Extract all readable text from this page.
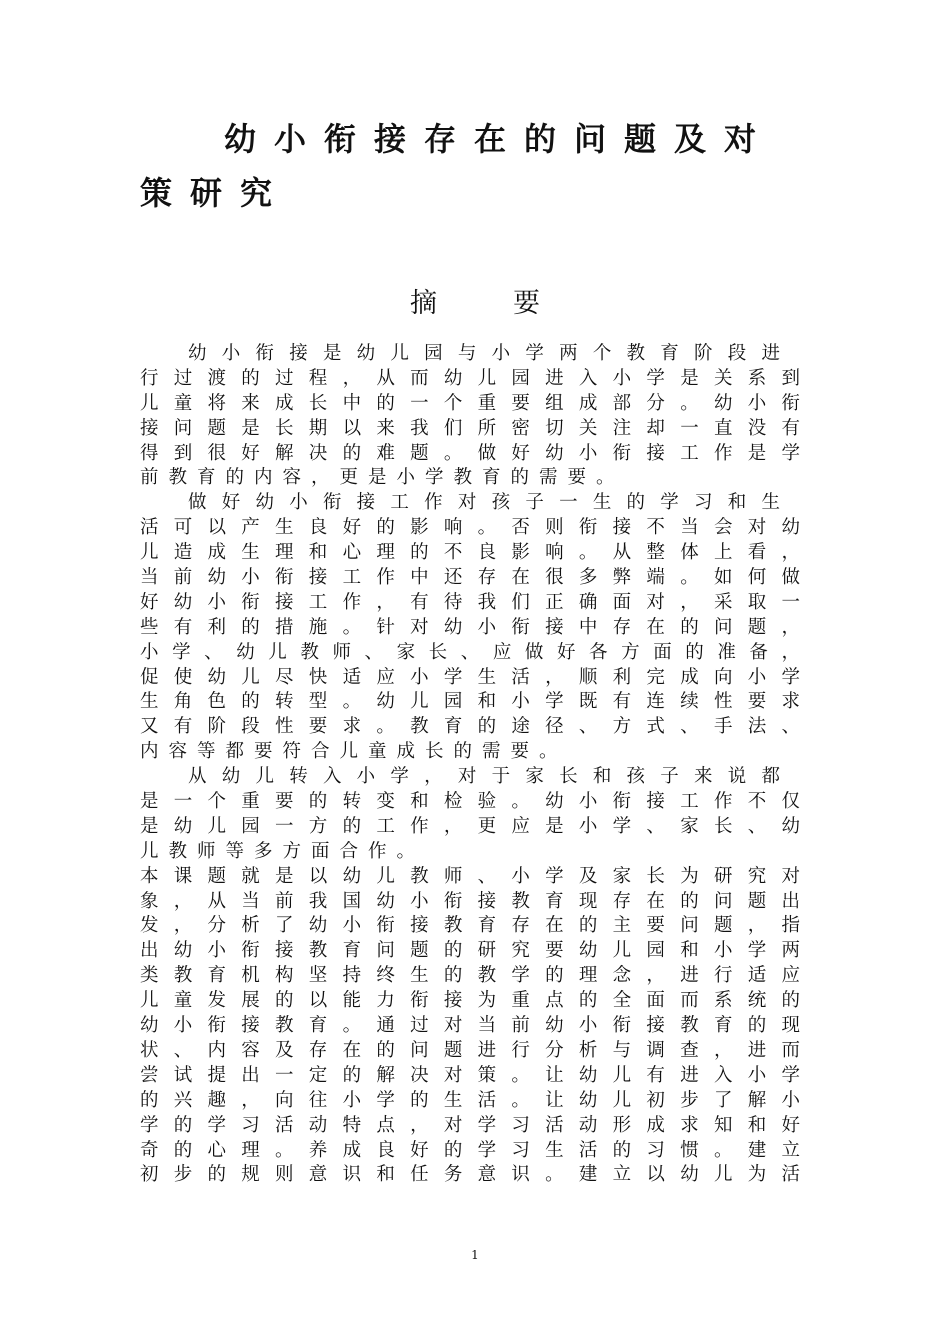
幼小衔接存在的问题及对策研究
摘	要
幼小衔接是幼儿园与小学两个教育阶段进
行过渡的过程，从而幼儿园进入小学是关系到
儿童将来成长中的一个重要组成部分。幼小衔
接问题是长期以来我们所密切关注却一直没有
得到很好解决的难题。做好幼小衔接工作是学
前教育的内容，更是小学教育的需要。
做好幼小衔接工作对孩子一生的学习和生
活可以产生良好的影响。否则衔接不当会对幼
儿造成生理和心理的不良影响。从整体上看，
当前幼小衔接工作中还存在很多弊端。如何做
好幼小衔接工作，有待我们正确面对，采取一
些有利的措施。针对幼小衔接中存在的问题，
小学、幼儿教师、家长、应做好各方面的准备，
促使幼儿尽快适应小学生活，顺利完成向小学
生角色的转型。幼儿园和小学既有连续性要求
又有阶段性要求。教育的途径、方式、手法、
内容等都要符合儿童成长的需要。
从幼儿转入小学，对于家长和孩子来说都
是一个重要的转变和检验。幼小衔接工作不仅
是幼儿园一方的工作，更应是小学、家长、幼
儿教师等多方面合作。
本课题就是以幼儿教师、小学及家长为研究对
象，从当前我国幼小衔接教育现存在的问题出
发，分析了幼小衔接教育存在的主要问题，指
出幼小衔接教育问题的研究要幼儿园和小学两
类教育机构坚持终生的教学的理念，进行适应
儿童发展的以能力衔接为重点的全面而系统的
幼小衔接教育。通过对当前幼小衔接教育的现
状、内容及存在的问题进行分析与调查，进而
尝试提出一定的解决对策。让幼儿有进入小学
的兴趣，向往小学的生活。让幼儿初步了解小
学的学习活动特点，对学习活动形成求知和好
奇的心理。养成良好的学习生活的习惯。建立
初步的规则意识和任务意识。建立以幼儿为活
1
